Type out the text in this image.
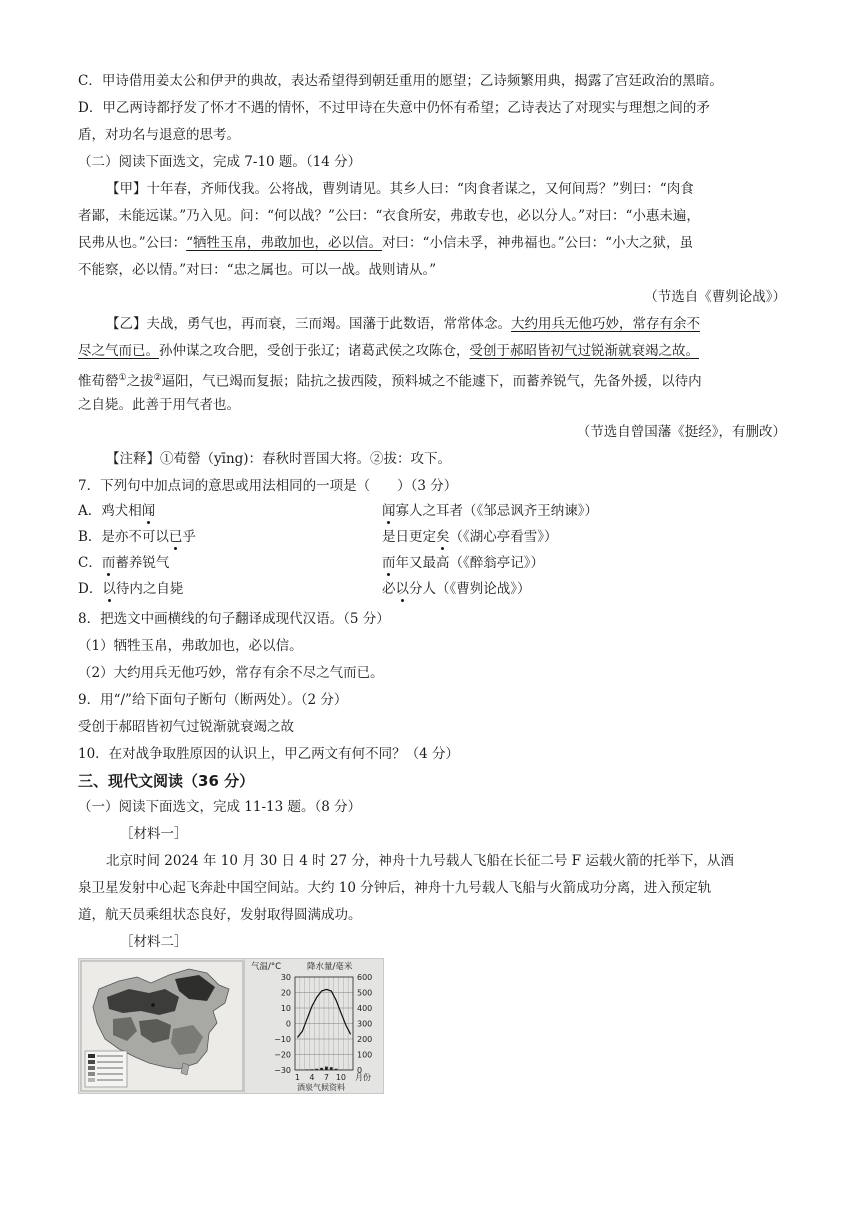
C．甲诗借用姜太公和伊尹的典故，表达希望得到朝廷重用的愿望；乙诗频繁用典，揭露了宫廷政治的黑暗。
D．甲乙两诗都抒发了怀才不遇的情怀，不过甲诗在失意中仍怀有希望；乙诗表达了对现实与理想之间的矛
盾，对功名与退意的思考。
（二）阅读下面选文，完成 7-10 题。（14 分）
【甲】十年春，齐师伐我。公将战，曹刿请见。其乡人曰：“肉食者谋之，又何间焉？”刿曰：“肉食
者鄙，未能远谋。”乃入见。问：“何以战？”公曰：“衣食所安，弗敢专也，必以分人。”对曰：“小惠未遍，
民弗从也。”公曰：“牺牲玉帛，弗敢加也，必以信。对曰：“小信未孚，神弗福也。”公曰：“小大之狱，虽
不能察，必以情。”对曰：“忠之属也。可以一战。战则请从。”
（节选自《曹刿论战》）
【乙】夫战，勇气也，再而衰，三而竭。国藩于此数语，常常体念。大约用兵无他巧妙，常存有余不
尽之气而已。孙仲谋之攻合肥，受创于张辽；诸葛武侯之攻陈仓，受创于郝昭皆初气过锐渐就衰竭之故。
惟荀罃①之拔②逼阳，气已竭而复振；陆抗之拔西陵，预料城之不能遽下，而蓄养锐气，先备外援，以待内
之自毙。此善于用气者也。
（节选自曾国藩《挺经》，有删改）
【注释】①荀罃（yīng)：春秋时晋国大将。②拔：攻下。
7．下列句中加点词的意思或用法相同的一项是（　　）（3 分）
A．鸡犬相闻	闻寡人之耳者（《邹忌讽齐王纳谏》）
B．是亦不可以已乎	是日更定矣（《湖心亭看雪》）
C．而蓄养锐气	而年又最高（《醉翁亭记》）
D．以待内之自毙	必以分人（《曹刿论战》）
8．把选文中画横线的句子翻译成现代汉语。（5 分）
（1）牺牲玉帛，弗敢加也，必以信。
（2）大约用兵无他巧妙，常存有余不尽之气而已。
9．用“/”给下面句子断句（断两处）。（2 分）
受创于郝昭皆初气过锐渐就衰竭之故
10．在对战争取胜原因的认识上，甲乙两文有何不同？（4 分）
三、现代文阅读（36 分）
（一）阅读下面选文，完成 11-13 题。（8 分）
［材料一］
北京时间 2024 年 10 月 30 日 4 时 27 分，神舟十九号载人飞船在长征二号 F 运载火箭的托举下，从酒
泉卫星发射中心起飞奔赴中国空间站。大约 10 分钟后，神舟十九号载人飞船与火箭成功分离，进入预定轨
道，航天员乘组状态良好，发射取得圆满成功。
［材料二］
气温/°C	降水量/毫米
30
20
10
0
−10
−20
−30
600
500
400
300
200
100
0
1 4 7 10 月份
酒泉气候资料
